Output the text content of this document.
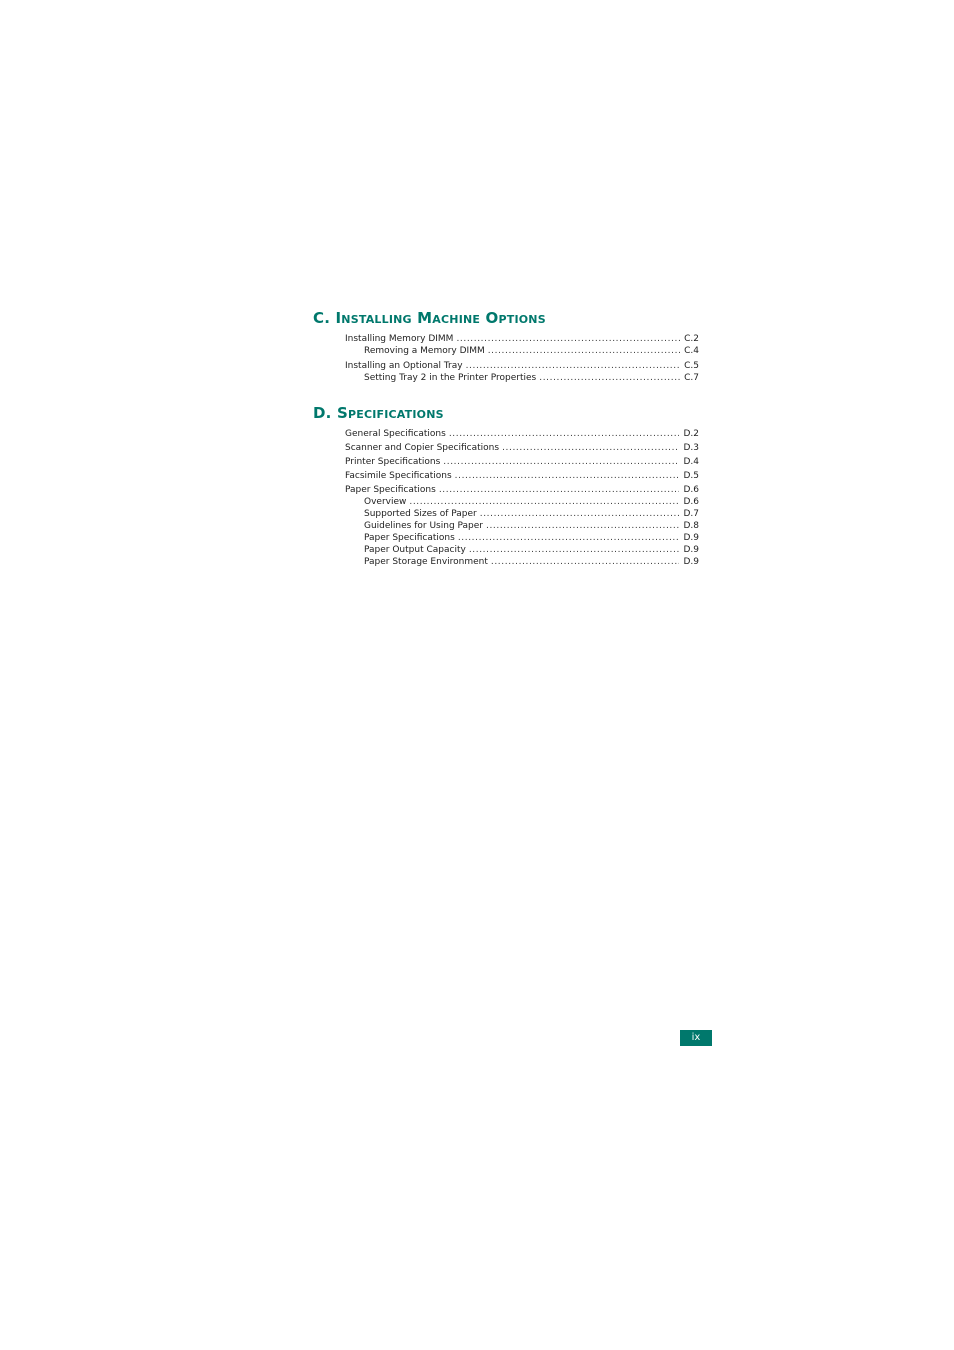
C. Installing Machine Options
Installing Memory DIMM .....	C.2
Removing a Memory DIMM .....	C.4
Installing an Optional Tray .....	C.5
Setting Tray 2 in the Printer Properties .....	C.7
D. Specifications
General Specifications .....	D.2
Scanner and Copier Specifications .....	D.3
Printer Specifications .....	D.4
Facsimile Specifications .....	D.5
Paper Specifications .....	D.6
Overview .....	D.6
Supported Sizes of Paper .....	D.7
Guidelines for Using Paper .....	D.8
Paper Specifications .....	D.9
Paper Output Capacity .....	D.9
Paper Storage Environment .....	D.9
ix
